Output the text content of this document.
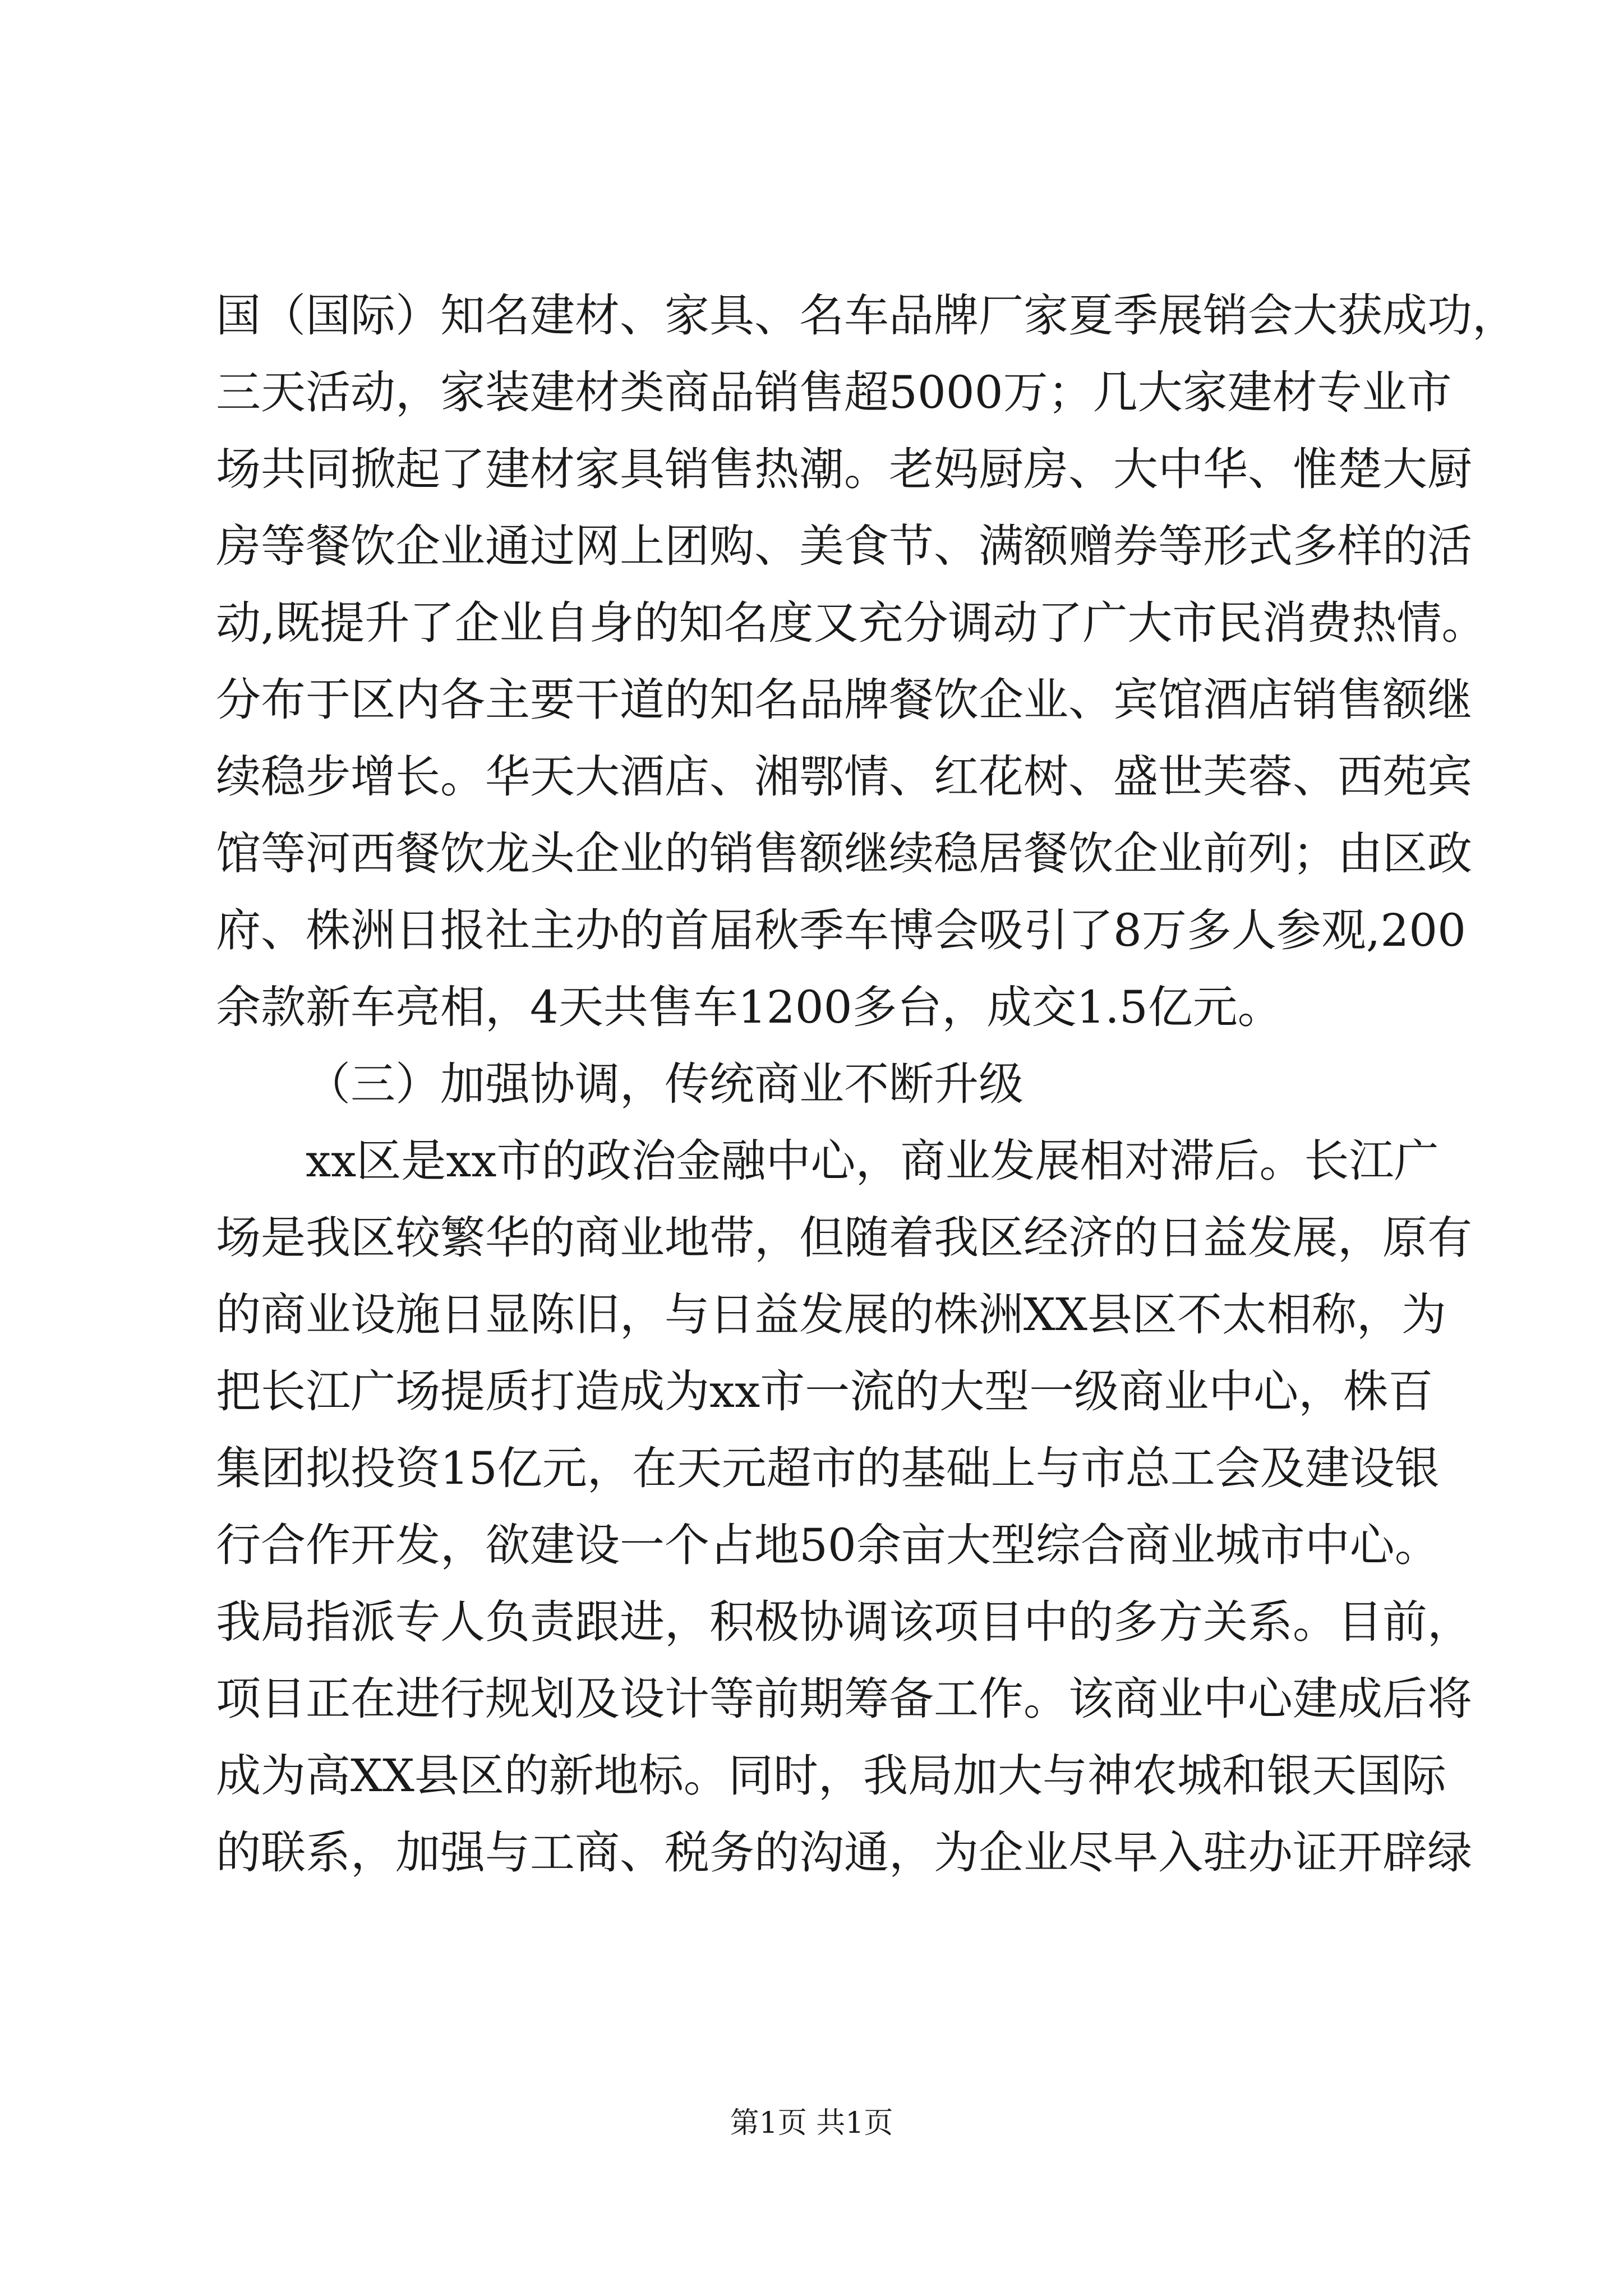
国（国际）知名建材、家具、名车品牌厂家夏季展销会大获成功，

三天活动，家装建材类商品销售超5000万；几大家建材专业市

场共同掀起了建材家具销售热潮。老妈厨房、大中华、惟楚大厨

房等餐饮企业通过网上团购、美食节、满额赠券等形式多样的活

动,既提升了企业自身的知名度又充分调动了广大市民消费热情。

分布于区内各主要干道的知名品牌餐饮企业、宾馆酒店销售额继

续稳步增长。华天大酒店、湘鄂情、红花树、盛世芙蓉、西苑宾

馆等河西餐饮龙头企业的销售额继续稳居餐饮企业前列；由区政

府、株洲日报社主办的首届秋季车博会吸引了8万多人参观,200

余款新车亮相，4天共售车1200多台，成交1.5亿元。

（三）加强协调，传统商业不断升级

xx区是xx市的政治金融中心，商业发展相对滞后。长江广

场是我区较繁华的商业地带，但随着我区经济的日益发展，原有

的商业设施日显陈旧，与日益发展的株洲XX县区不太相称，为

把长江广场提质打造成为xx市一流的大型一级商业中心，株百

集团拟投资15亿元，在天元超市的基础上与市总工会及建设银

行合作开发，欲建设一个占地50余亩大型综合商业城市中心。

我局指派专人负责跟进，积极协调该项目中的多方关系。目前，

项目正在进行规划及设计等前期筹备工作。该商业中心建成后将

成为高XX县区的新地标。同时，我局加大与神农城和银天国际

的联系，加强与工商、税务的沟通，为企业尽早入驻办证开辟绿

第1页 共1页
